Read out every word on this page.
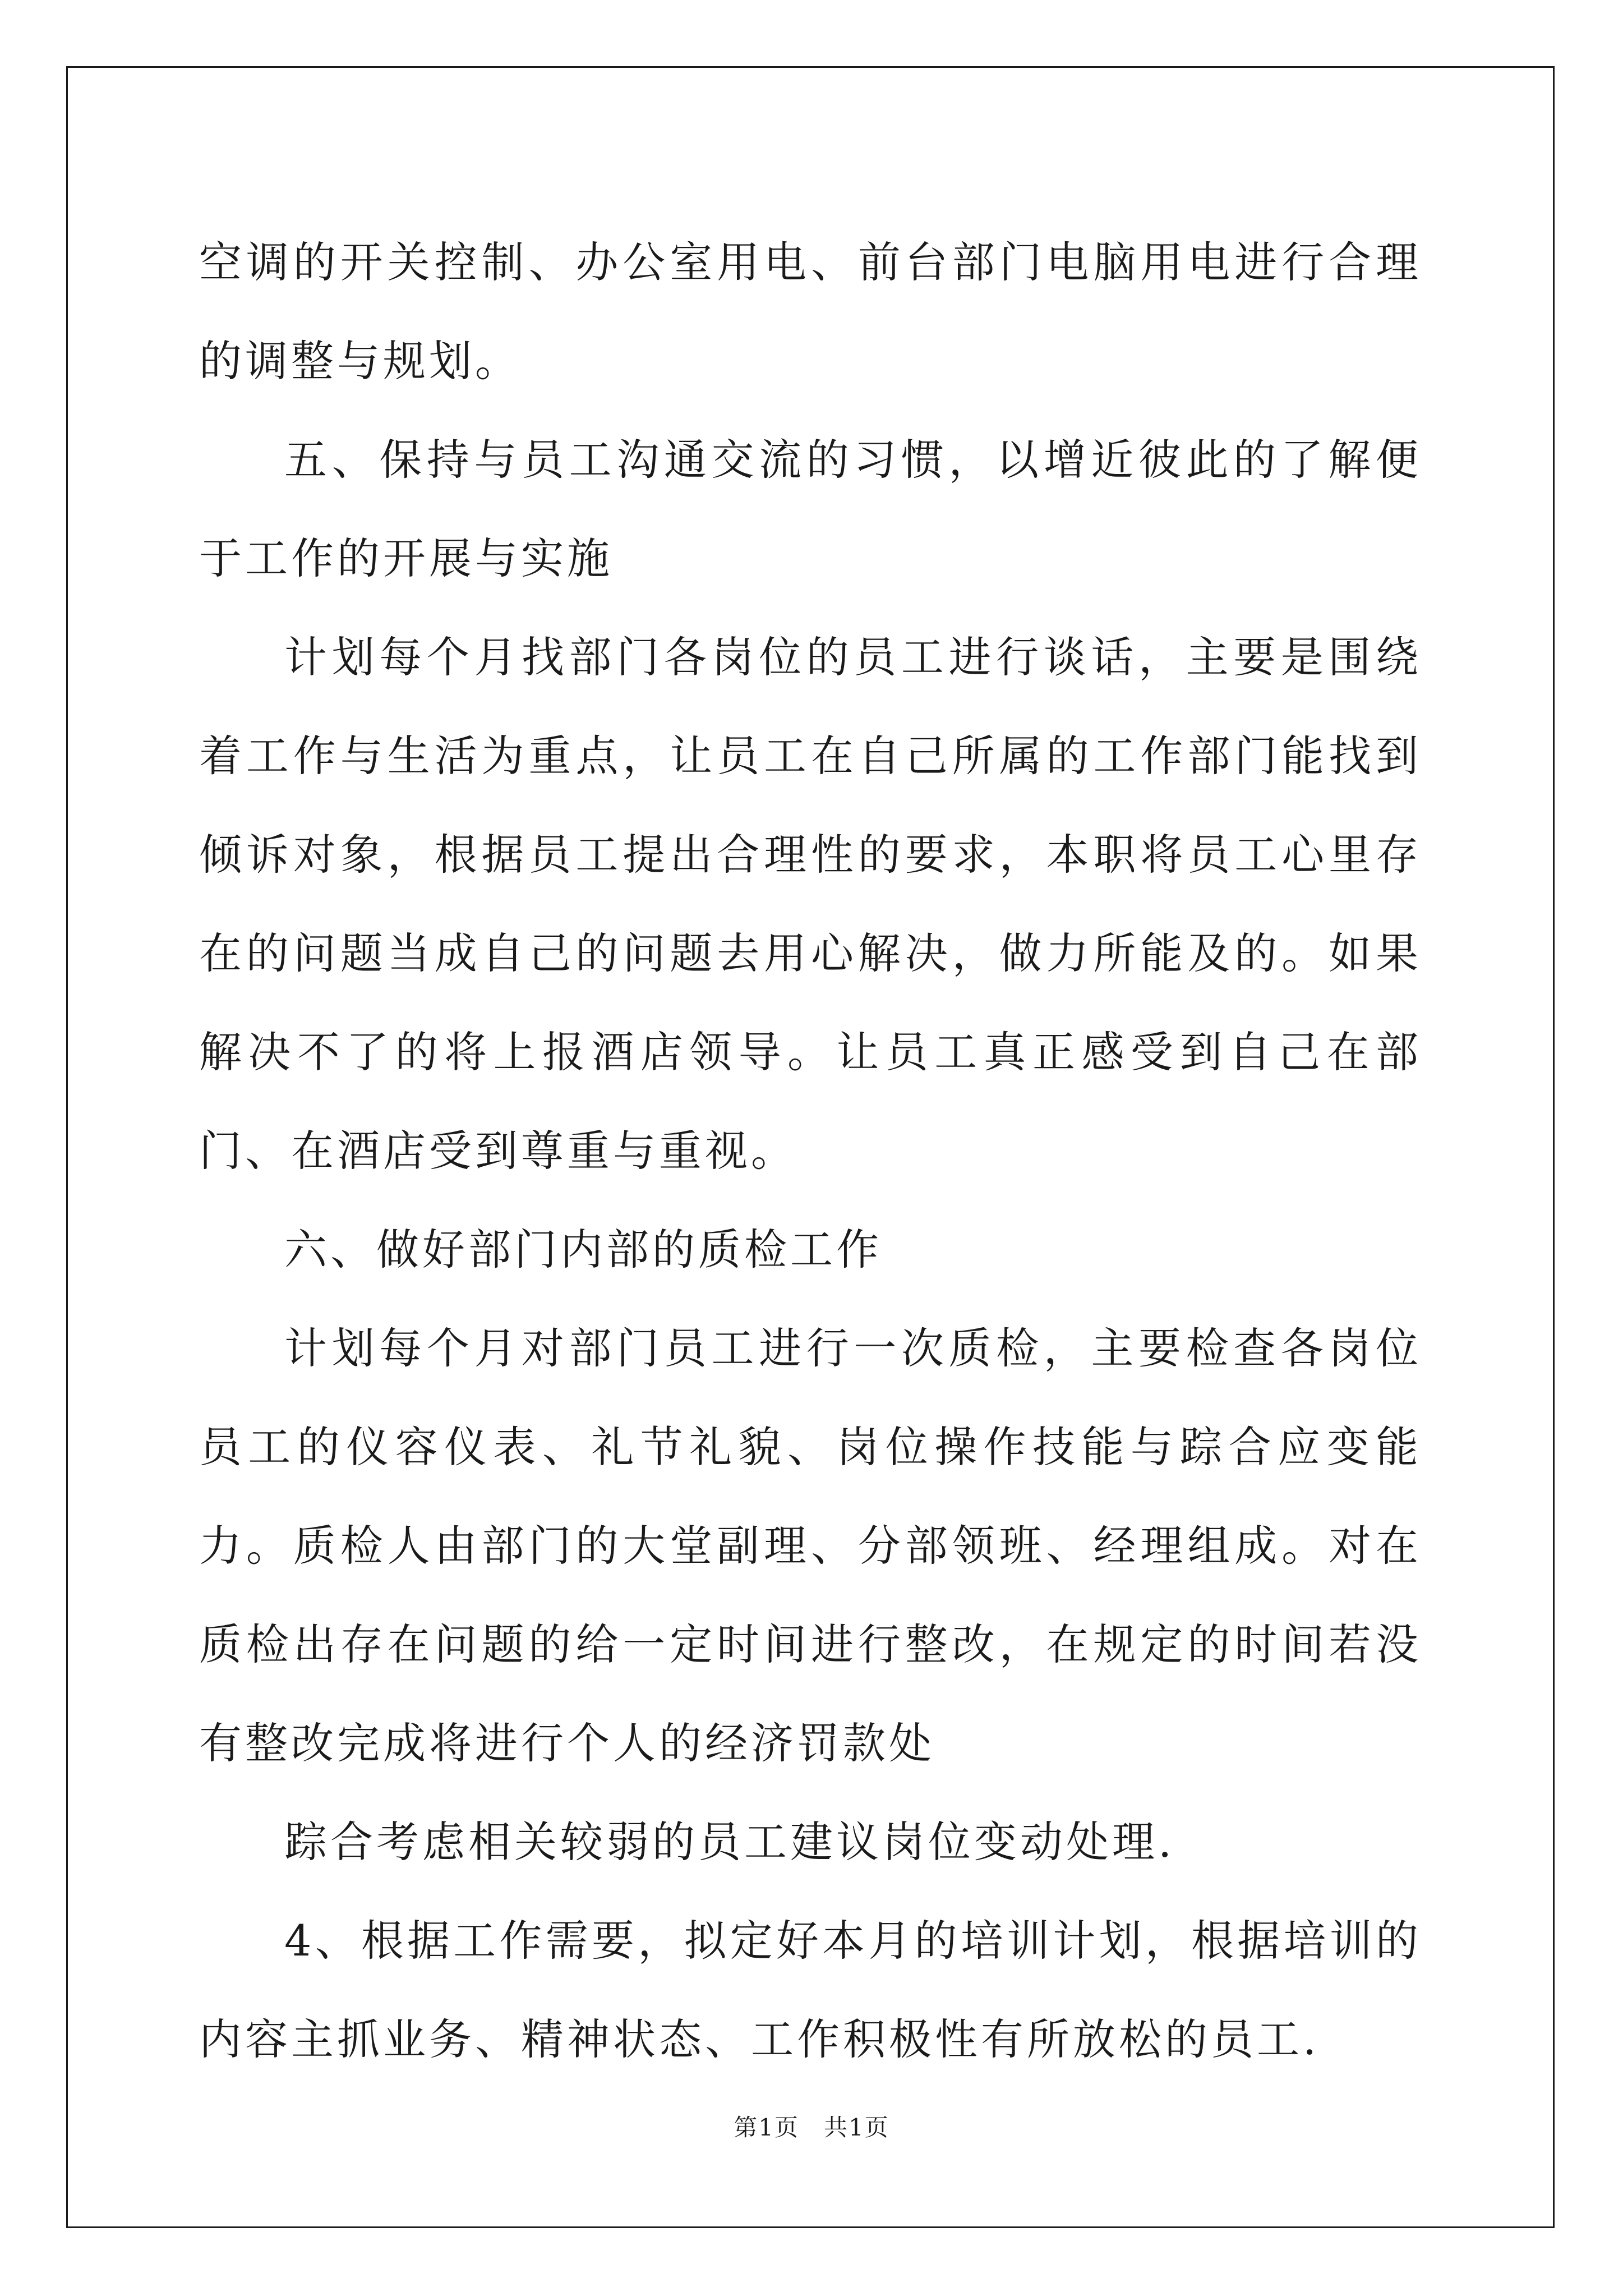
空调的开关控制、办公室用电、前台部门电脑用电进行合理的调整与规划。

五、保持与员工沟通交流的习惯，以增近彼此的了解便于工作的开展与实施

计划每个月找部门各岗位的员工进行谈话，主要是围绕着工作与生活为重点，让员工在自己所属的工作部门能找到倾诉对象，根据员工提出合理性的要求，本职将员工心里存在的问题当成自己的问题去用心解决，做力所能及的。如果解决不了的将上报酒店领导。让员工真正感受到自己在部门、在酒店受到尊重与重视。

六、做好部门内部的质检工作

计划每个月对部门员工进行一次质检，主要检查各岗位员工的仪容仪表、礼节礼貌、岗位操作技能与踪合应变能力。质检人由部门的大堂副理、分部领班、经理组成。对在质检出存在问题的给一定时间进行整改，在规定的时间若没有整改完成将进行个人的经济罚款处

踪合考虑相关较弱的员工建议岗位变动处理.

4、根据工作需要，拟定好本月的培训计划，根据培训的内容主抓业务、精神状态、工作积极性有所放松的员工.

第1页 共1页
